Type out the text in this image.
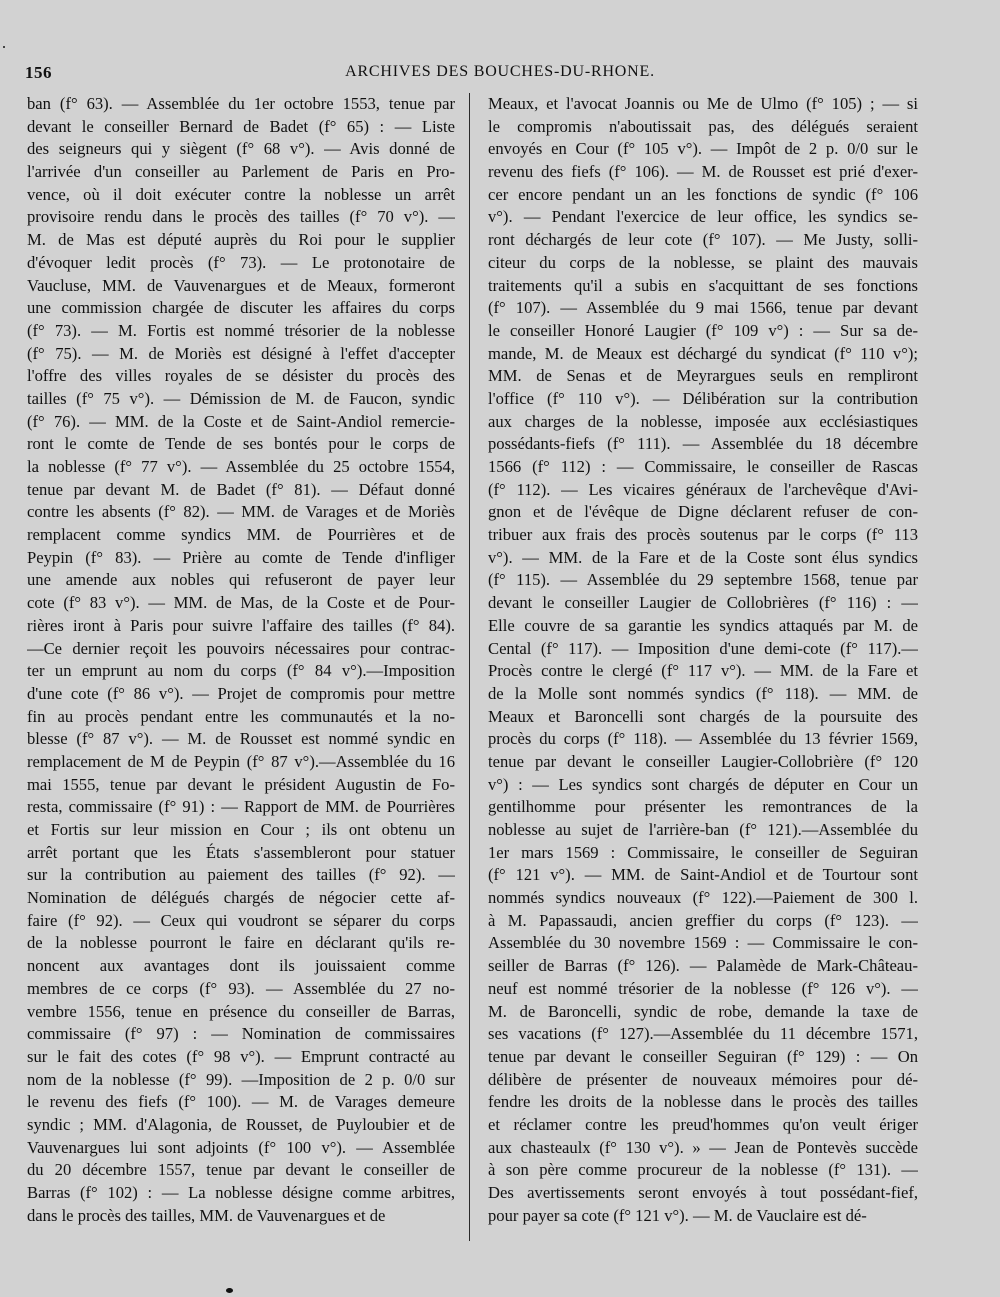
156	ARCHIVES DES BOUCHES-DU-RHONE.
ban (f° 63). — Assemblée du 1er octobre 1553, tenue par
devant le conseiller Bernard de Badet (f° 65) : — Liste
des seigneurs qui y siègent (f° 68 v°). — Avis donné de
l'arrivée d'un conseiller au Parlement de Paris en Pro-
vence, où il doit exécuter contre la noblesse un arrêt
provisoire rendu dans le procès des tailles (f° 70 v°). —
M. de Mas est député auprès du Roi pour le supplier
d'évoquer ledit procès (f° 73). — Le protonotaire de
Vaucluse, MM. de Vauvenargues et de Meaux, formeront
une commission chargée de discuter les affaires du corps
(f° 73). — M. Fortis est nommé trésorier de la noblesse
(f° 75). — M. de Moriès est désigné à l'effet d'accepter
l'offre des villes royales de se désister du procès des
tailles (f° 75 v°). — Démission de M. de Faucon, syndic
(f° 76). — MM. de la Coste et de Saint-Andiol remercie-
ront le comte de Tende de ses bontés pour le corps de
la noblesse (f° 77 v°). — Assemblée du 25 octobre 1554,
tenue par devant M. de Badet (f° 81). — Défaut donné
contre les absents (f° 82). — MM. de Varages et de Moriès
remplacent comme syndics MM. de Pourrières et de
Peypin (f° 83). — Prière au comte de Tende d'infliger
une amende aux nobles qui refuseront de payer leur
cote (f° 83 v°). — MM. de Mas, de la Coste et de Pour-
rières iront à Paris pour suivre l'affaire des tailles (f° 84).
—Ce dernier reçoit les pouvoirs nécessaires pour contrac-
ter un emprunt au nom du corps (f° 84 v°).—Imposition
d'une cote (f° 86 v°). — Projet de compromis pour mettre
fin au procès pendant entre les communautés et la no-
blesse (f° 87 v°). — M. de Rousset est nommé syndic en
remplacement de M de Peypin (f° 87 v°).—Assemblée du 16
mai 1555, tenue par devant le président Augustin de Fo-
resta, commissaire (f° 91) : — Rapport de MM. de Pourrières
et Fortis sur leur mission en Cour ; ils ont obtenu un
arrêt portant que les États s'assembleront pour statuer
sur la contribution au paiement des tailles (f° 92). —
Nomination de délégués chargés de négocier cette af-
faire (f° 92). — Ceux qui voudront se séparer du corps
de la noblesse pourront le faire en déclarant qu'ils re-
noncent aux avantages dont ils jouissaient comme
membres de ce corps (f° 93). — Assemblée du 27 no-
vembre 1556, tenue en présence du conseiller de Barras,
commissaire (f° 97) : — Nomination de commissaires
sur le fait des cotes (f° 98 v°). — Emprunt contracté au
nom de la noblesse (f° 99). —Imposition de 2 p. 0/0 sur
le revenu des fiefs (f° 100). — M. de Varages demeure
syndic ; MM. d'Alagonia, de Rousset, de Puyloubier et de
Vauvenargues lui sont adjoints (f° 100 v°). — Assemblée
du 20 décembre 1557, tenue par devant le conseiller de
Barras (f° 102) : — La noblesse désigne comme arbitres,
dans le procès des tailles, MM. de Vauvenargues et de
Meaux, et l'avocat Joannis ou Me de Ulmo (f° 105) ; — si
le compromis n'aboutissait pas, des délégués seraient
envoyés en Cour (f° 105 v°). — Impôt de 2 p. 0/0 sur le
revenu des fiefs (f° 106). — M. de Rousset est prié d'exer-
cer encore pendant un an les fonctions de syndic (f° 106
v°). — Pendant l'exercice de leur office, les syndics se-
ront déchargés de leur cote (f° 107). — Me Justy, solli-
citeur du corps de la noblesse, se plaint des mauvais
traitements qu'il a subis en s'acquittant de ses fonctions
(f° 107). — Assemblée du 9 mai 1566, tenue par devant
le conseiller Honoré Laugier (f° 109 v°) : — Sur sa de-
mande, M. de Meaux est déchargé du syndicat (f° 110 v°);
MM. de Senas et de Meyrargues seuls en rempliront
l'office (f° 110 v°). — Délibération sur la contribution
aux charges de la noblesse, imposée aux ecclésiastiques
possédants-fiefs (f° 111). — Assemblée du 18 décembre
1566 (f° 112) : — Commissaire, le conseiller de Rascas
(f° 112). — Les vicaires généraux de l'archevêque d'Avi-
gnon et de l'évêque de Digne déclarent refuser de con-
tribuer aux frais des procès soutenus par le corps (f° 113
v°). — MM. de la Fare et de la Coste sont élus syndics
(f° 115). — Assemblée du 29 septembre 1568, tenue par
devant le conseiller Laugier de Collobrières (f° 116) : —
Elle couvre de sa garantie les syndics attaqués par M. de
Cental (f° 117). — Imposition d'une demi-cote (f° 117).—
Procès contre le clergé (f° 117 v°). — MM. de la Fare et
de la Molle sont nommés syndics (f° 118). — MM. de
Meaux et Baroncelli sont chargés de la poursuite des
procès du corps (f° 118). — Assemblée du 13 février 1569,
tenue par devant le conseiller Laugier-Collobrière (f° 120
v°) : — Les syndics sont chargés de députer en Cour un
gentilhomme pour présenter les remontrances de la
noblesse au sujet de l'arrière-ban (f° 121).—Assemblée du
1er mars 1569 : Commissaire, le conseiller de Seguiran
(f° 121 v°). — MM. de Saint-Andiol et de Tourtour sont
nommés syndics nouveaux (f° 122).—Paiement de 300 l.
à M. Papassaudi, ancien greffier du corps (f° 123). —
Assemblée du 30 novembre 1569 : — Commissaire le con-
seiller de Barras (f° 126). — Palamède de Mark-Château-
neuf est nommé trésorier de la noblesse (f° 126 v°). —
M. de Baroncelli, syndic de robe, demande la taxe de
ses vacations (f° 127).—Assemblée du 11 décembre 1571,
tenue par devant le conseiller Seguiran (f° 129) : — On
délibère de présenter de nouveaux mémoires pour dé-
fendre les droits de la noblesse dans le procès des tailles
et réclamer contre les preud'hommes qu'on veult ériger
aux chasteaulx (f° 130 v°). » — Jean de Pontevès succède
à son père comme procureur de la noblesse (f° 131). —
Des avertissements seront envoyés à tout possédant-fief,
pour payer sa cote (f° 121 v°). — M. de Vauclaire est dé-
